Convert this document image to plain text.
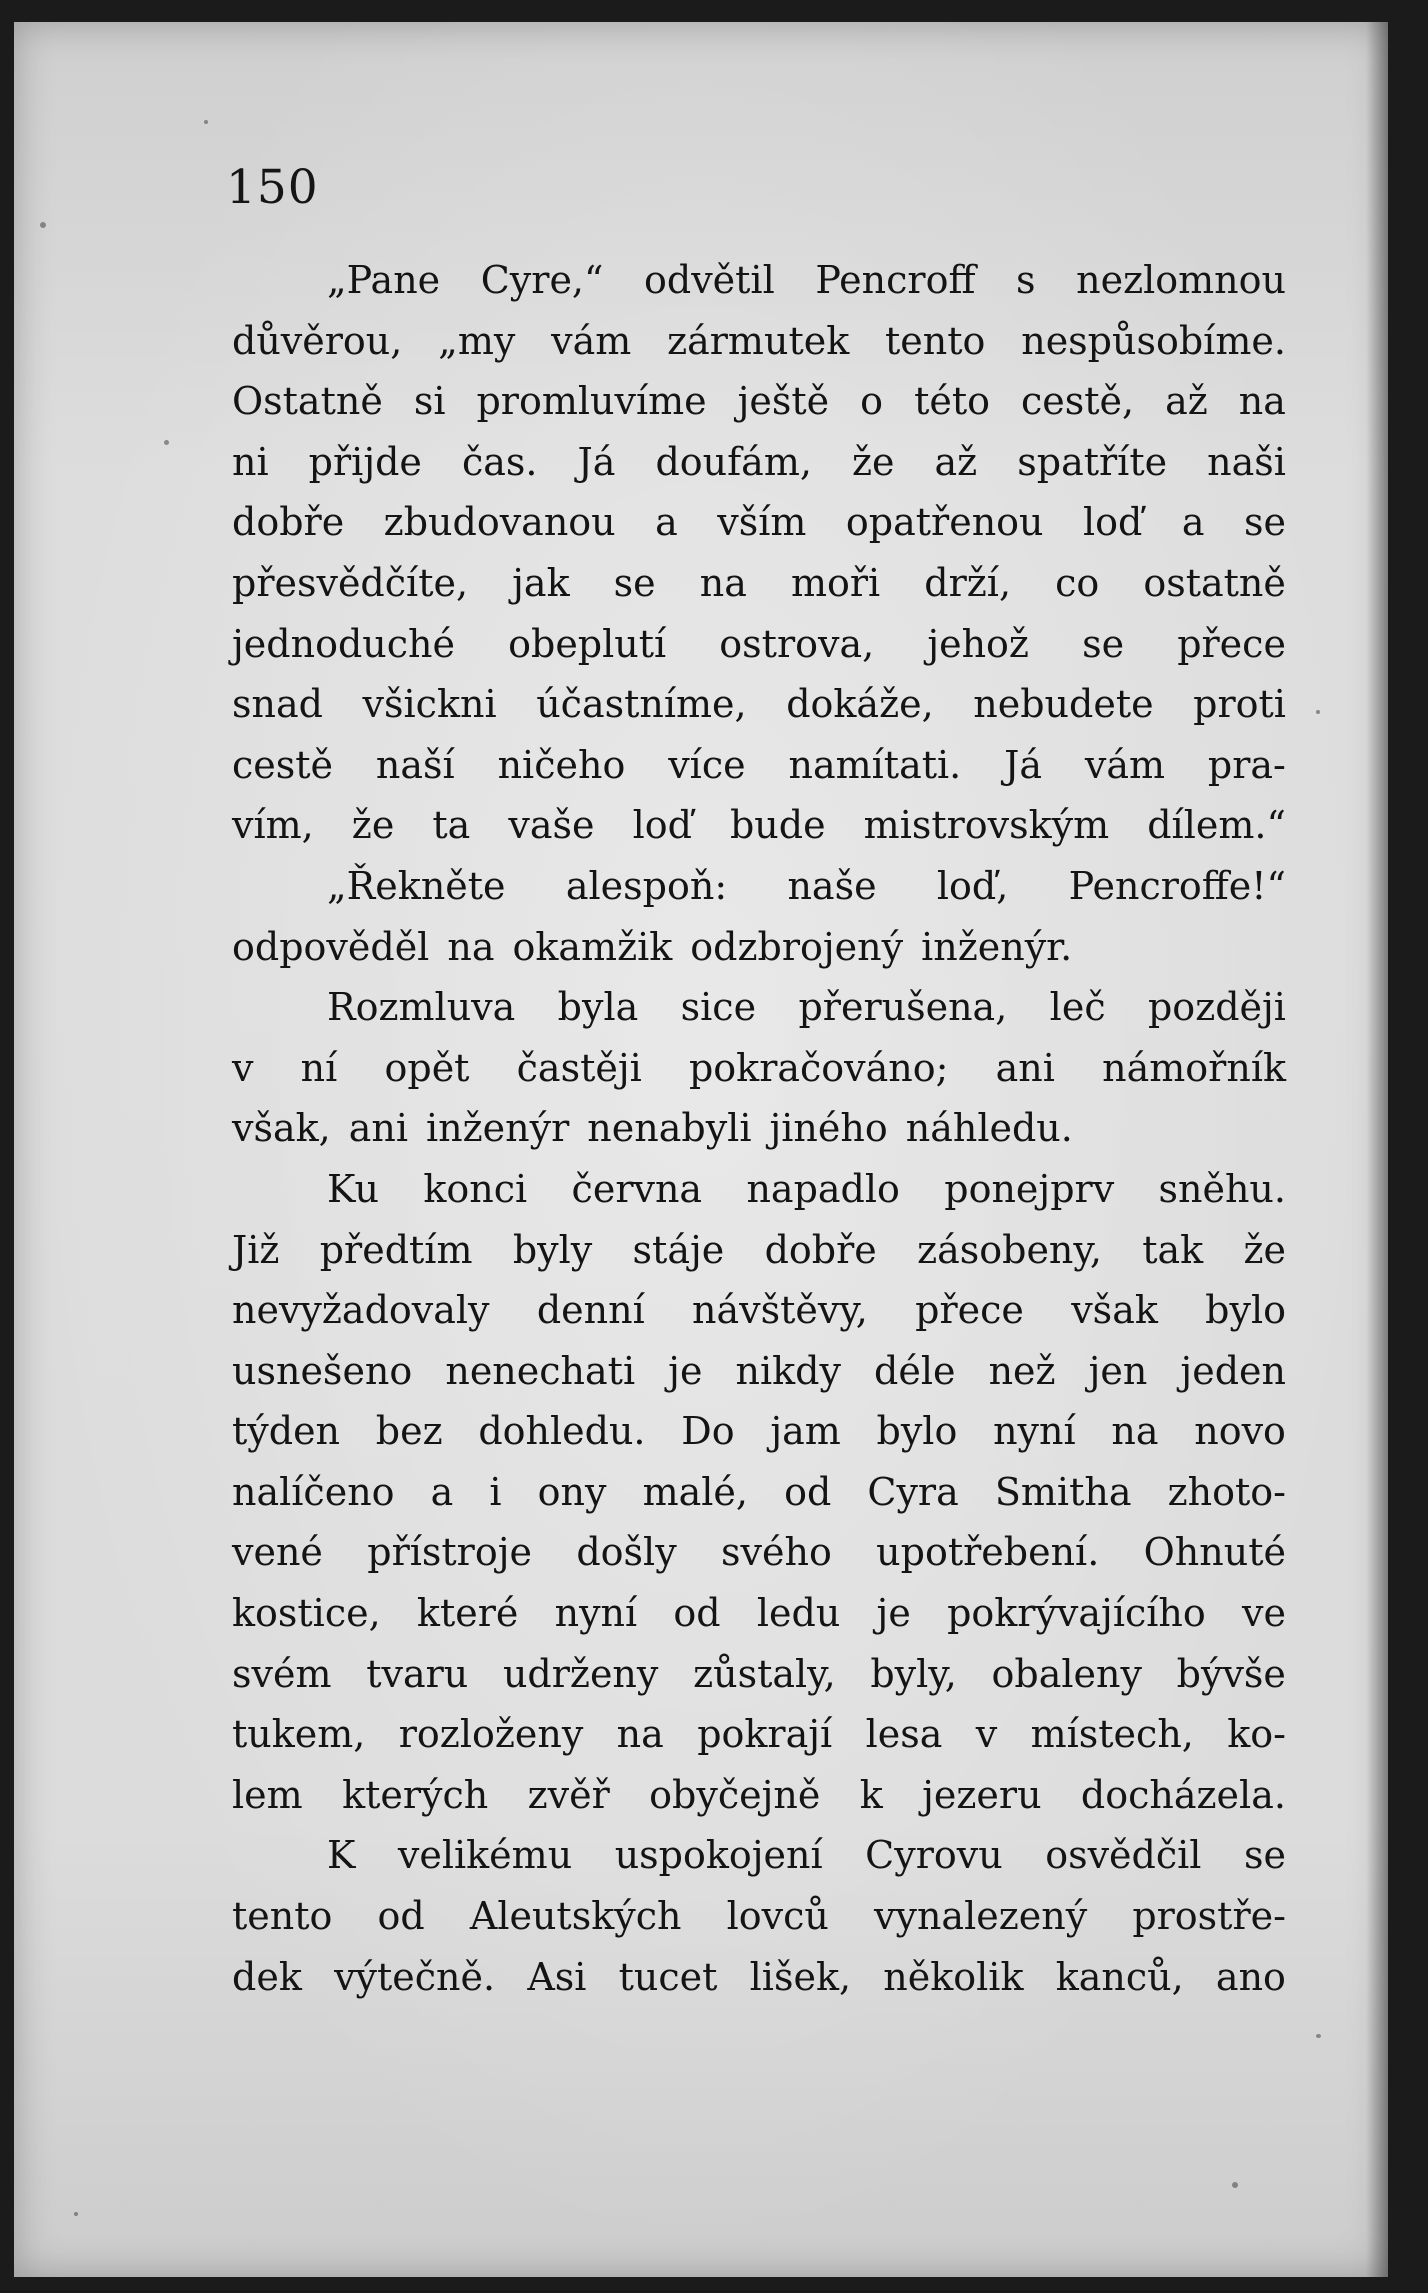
150
„Pane Cyre,“ odvětil Pencroff s nezlomnou
důvěrou, „my vám zármutek tento nespůsobíme.
Ostatně si promluvíme ještě o této cestě, až na
ni přijde čas. Já doufám, že až spatříte naši
dobře zbudovanou a vším opatřenou loď a se
přesvědčíte, jak se na moři drží, co ostatně
jednoduché obeplutí ostrova, jehož se přece
snad všickni účastníme, dokáže, nebudete proti
cestě naší ničeho více namítati. Já vám pra-
vím, že ta vaše loď bude mistrovským dílem.“
„Řekněte alespoň: naše loď, Pencroffe!“
odpověděl na okamžik odzbrojený inženýr.
Rozmluva byla sice přerušena, leč později
v ní opět častěji pokračováno; ani námořník
však, ani inženýr nenabyli jiného náhledu.
Ku konci června napadlo ponejprv sněhu.
Již předtím byly stáje dobře zásobeny, tak že
nevyžadovaly denní návštěvy, přece však bylo
usnešeno nenechati je nikdy déle než jen jeden
týden bez dohledu. Do jam bylo nyní na novo
nalíčeno a i ony malé, od Cyra Smitha zhoto-
vené přístroje došly svého upotřebení. Ohnuté
kostice, které nyní od ledu je pokrývajícího ve
svém tvaru udrženy zůstaly, byly, obaleny bývše
tukem, rozloženy na pokrají lesa v místech, ko-
lem kterých zvěř obyčejně k jezeru docházela.
K velikému uspokojení Cyrovu osvědčil se
tento od Aleutských lovců vynalezený prostře-
dek výtečně. Asi tucet lišek, několik kanců, ano
